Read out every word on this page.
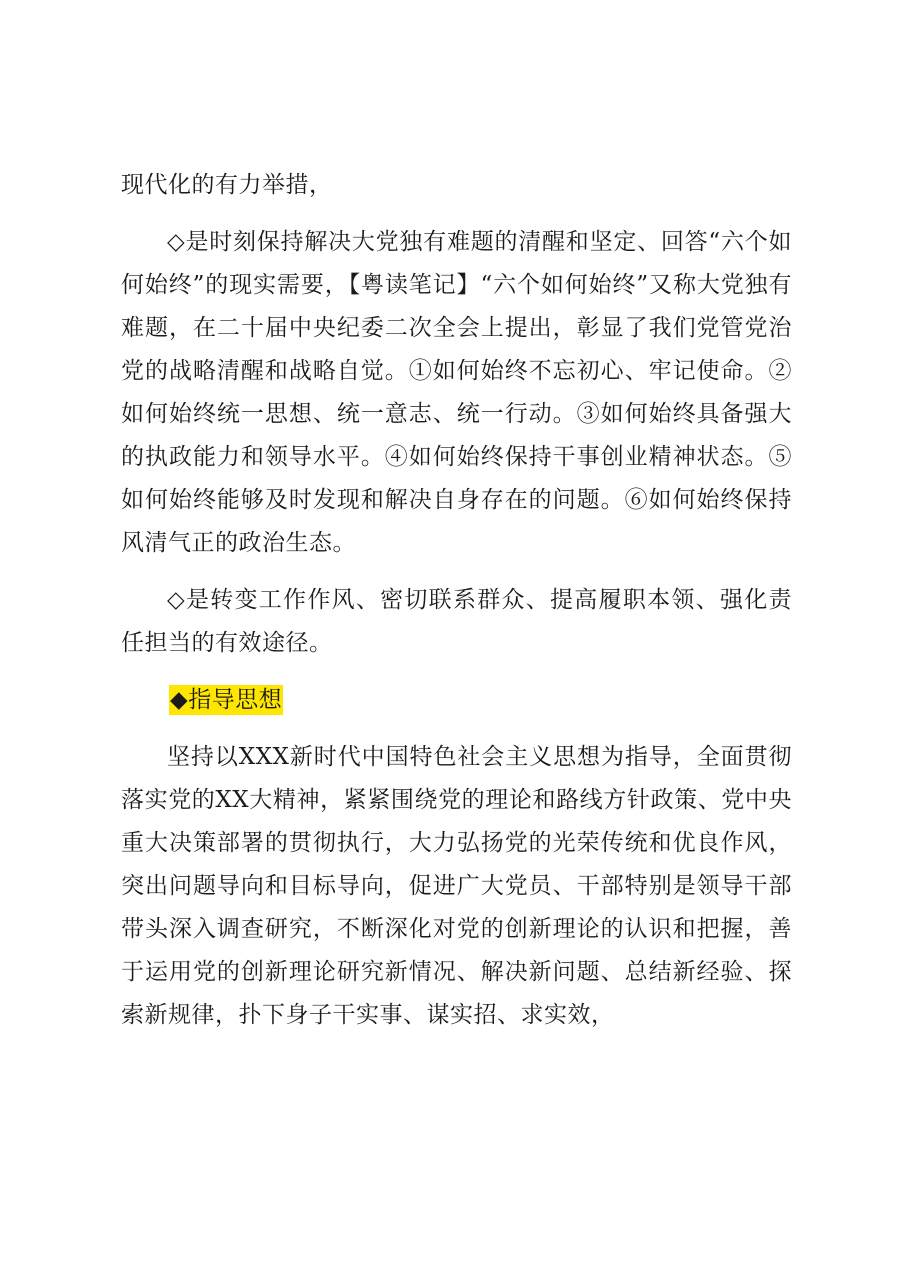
现代化的有力举措，

◇是时刻保持解决大党独有难题的清醒和坚定、回答“六个如何始终”的现实需要，【粤读笔记】“六个如何始终”又称大党独有难题，在二十届中央纪委二次全会上提出，彰显了我们党管党治党的战略清醒和战略自觉。①如何始终不忘初心、牢记使命。②如何始终统一思想、统一意志、统一行动。③如何始终具备强大的执政能力和领导水平。④如何始终保持干事创业精神状态。⑤如何始终能够及时发现和解决自身存在的问题。⑥如何始终保持风清气正的政治生态。

◇是转变工作作风、密切联系群众、提高履职本领、强化责任担当的有效途径。

◆指导思想

坚持以XXX新时代中国特色社会主义思想为指导，全面贯彻落实党的XX大精神，紧紧围绕党的理论和路线方针政策、党中央重大决策部署的贯彻执行，大力弘扬党的光荣传统和优良作风，突出问题导向和目标导向，促进广大党员、干部特别是领导干部带头深入调查研究，不断深化对党的创新理论的认识和把握，善于运用党的创新理论研究新情况、解决新问题、总结新经验、探索新规律，扑下身子干实事、谋实招、求实效，
